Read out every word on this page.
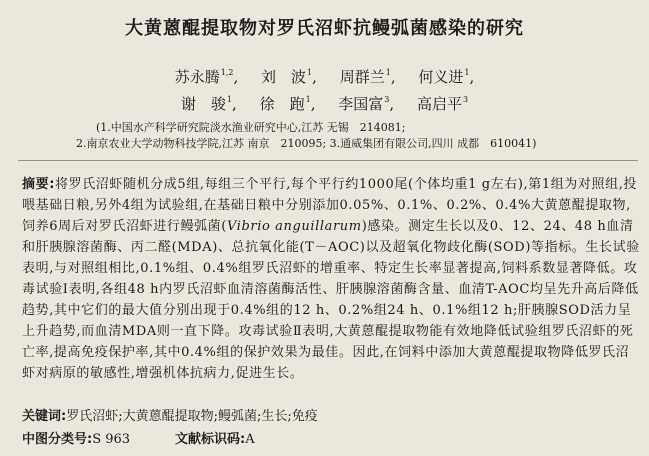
大黄蒽醌提取物对罗氏沼虾抗鳗弧菌感染的研究
苏永腾$^{1,2}$, 刘　波$^1$, 周群兰$^1$, 何义进$^1$,
谢　骏$^1$, 徐　跑$^1$, 李国富$^3$, 高启平$^3$
(1.中国水产科学研究院淡水渔业研究中心,江苏 无锡　214081;
2.南京农业大学动物科技学院,江苏 南京　210095; 3.通威集团有限公司,四川 成都　610041)
摘要:将罗氏沼虾随机分成5组,每组三个平行,每个平行约1000尾(个体均重1 g左右),第1组为对照组,投喂基础日粮,另外4组为试验组,在基础日粮中分别添加0.05%、0.1%、0.2%、0.4%大黄蒽醌提取物,饲养6周后对罗氏沼虾进行鳗弧菌(Vibrio anguillarum)感染。测定生长以及0、12、24、48 h血清和肝胰腺溶菌酶、丙二醛(MDA)、总抗氧化能(T－AOC)以及超氧化物歧化酶(SOD)等指标。生长试验表明,与对照组相比,0.1%组、0.4%组罗氏沼虾的增重率、特定生长率显著提高,饲料系数显著降低。攻毒试验Ⅰ表明,各组48 h内罗氏沼虾血清溶菌酶活性、肝胰腺溶菌酶含量、血清T-AOC均呈先升高后降低趋势,其中它们的最大值分别出现于0.4%组的12 h、0.2%组24 h、0.1%组12 h;肝胰腺SOD活力呈上升趋势,而血清MDA则一直下降。攻毒试验Ⅱ表明,大黄蒽醌提取物能有效地降低试验组罗氏沼虾的死亡率,提高免疫保护率,其中0.4%组的保护效果为最佳。因此,在饲料中添加大黄蒽醌提取物降低罗氏沼虾对病原的敏感性,增强机体抗病力,促进生长。
关键词:罗氏沼虾;大黄蒽醌提取物;鳗弧菌;生长;免疫
中图分类号:S 963	文献标识码:A
